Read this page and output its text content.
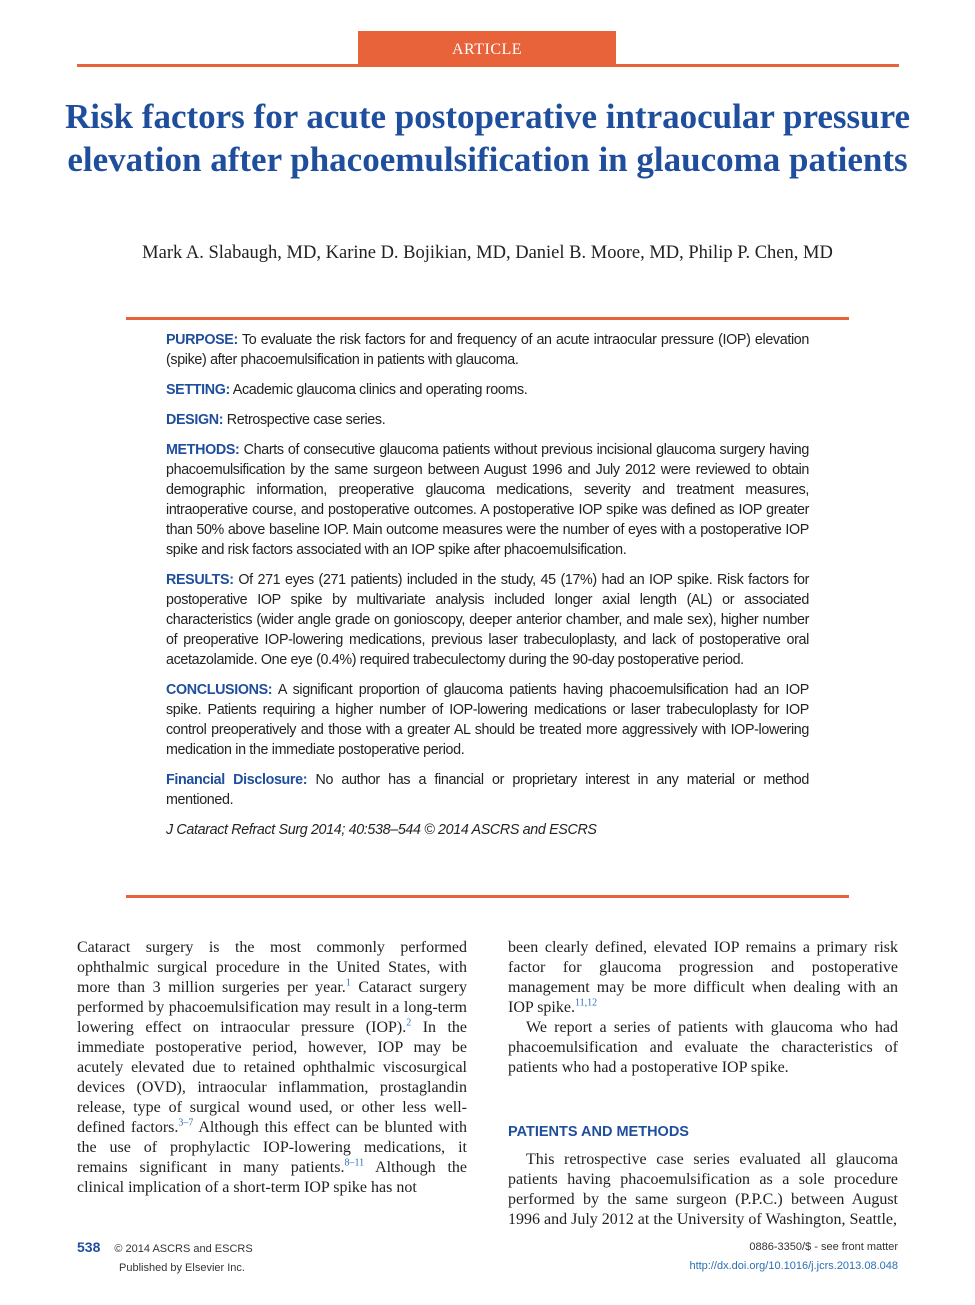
ARTICLE
Risk factors for acute postoperative intraocular pressure elevation after phacoemulsification in glaucoma patients
Mark A. Slabaugh, MD, Karine D. Bojikian, MD, Daniel B. Moore, MD, Philip P. Chen, MD

PURPOSE: To evaluate the risk factors for and frequency of an acute intraocular pressure (IOP) elevation (spike) after phacoemulsification in patients with glaucoma.

SETTING: Academic glaucoma clinics and operating rooms.

DESIGN: Retrospective case series.

METHODS: Charts of consecutive glaucoma patients without previous incisional glaucoma surgery having phacoemulsification by the same surgeon between August 1996 and July 2012 were reviewed to obtain demographic information, preoperative glaucoma medications, severity and treatment measures, intraoperative course, and postoperative outcomes. A postoperative IOP spike was defined as IOP greater than 50% above baseline IOP. Main outcome measures were the number of eyes with a postoperative IOP spike and risk factors associated with an IOP spike after phacoemulsification.

RESULTS: Of 271 eyes (271 patients) included in the study, 45 (17%) had an IOP spike. Risk factors for postoperative IOP spike by multivariate analysis included longer axial length (AL) or associated characteristics (wider angle grade on gonioscopy, deeper anterior chamber, and male sex), higher number of preoperative IOP-lowering medications, previous laser trabeculoplasty, and lack of postoperative oral acetazolamide. One eye (0.4%) required trabeculectomy during the 90-day postoperative period.

CONCLUSIONS: A significant proportion of glaucoma patients having phacoemulsification had an IOP spike. Patients requiring a higher number of IOP-lowering medications or laser trabeculoplasty for IOP control preoperatively and those with a greater AL should be treated more aggressively with IOP-lowering medication in the immediate postoperative period.

Financial Disclosure: No author has a financial or proprietary interest in any material or method mentioned.

J Cataract Refract Surg 2014; 40:538–544 © 2014 ASCRS and ESCRS

Cataract surgery is the most commonly performed ophthalmic surgical procedure in the United States, with more than 3 million surgeries per year.$^1$ Cataract surgery performed by phacoemulsification may result in a long-term lowering effect on intraocular pressure (IOP).$^2$ In the immediate postoperative period, however, IOP may be acutely elevated due to retained ophthalmic viscosurgical devices (OVD), intraocular inflammation, prostaglandin release, type of surgical wound used, or other less well-defined factors.$^{3-7}$ Although this effect can be blunted with the use of prophylactic IOP-lowering medications, it remains significant in many patients.$^{8-11}$ Although the clinical implication of a short-term IOP spike has not

been clearly defined, elevated IOP remains a primary risk factor for glaucoma progression and postoperative management may be more difficult when dealing with an IOP spike.$^{11,12}$

We report a series of patients with glaucoma who had phacoemulsification and evaluate the characteristics of patients who had a postoperative IOP spike.

PATIENTS AND METHODS

This retrospective case series evaluated all glaucoma patients having phacoemulsification as a sole procedure performed by the same surgeon (P.P.C.) between August 1996 and July 2012 at the University of Washington, Seattle,

538 © 2014 ASCRS and ESCRS
Published by Elsevier Inc.
0886-3350/$ - see front matter
http://dx.doi.org/10.1016/j.jcrs.2013.08.048
